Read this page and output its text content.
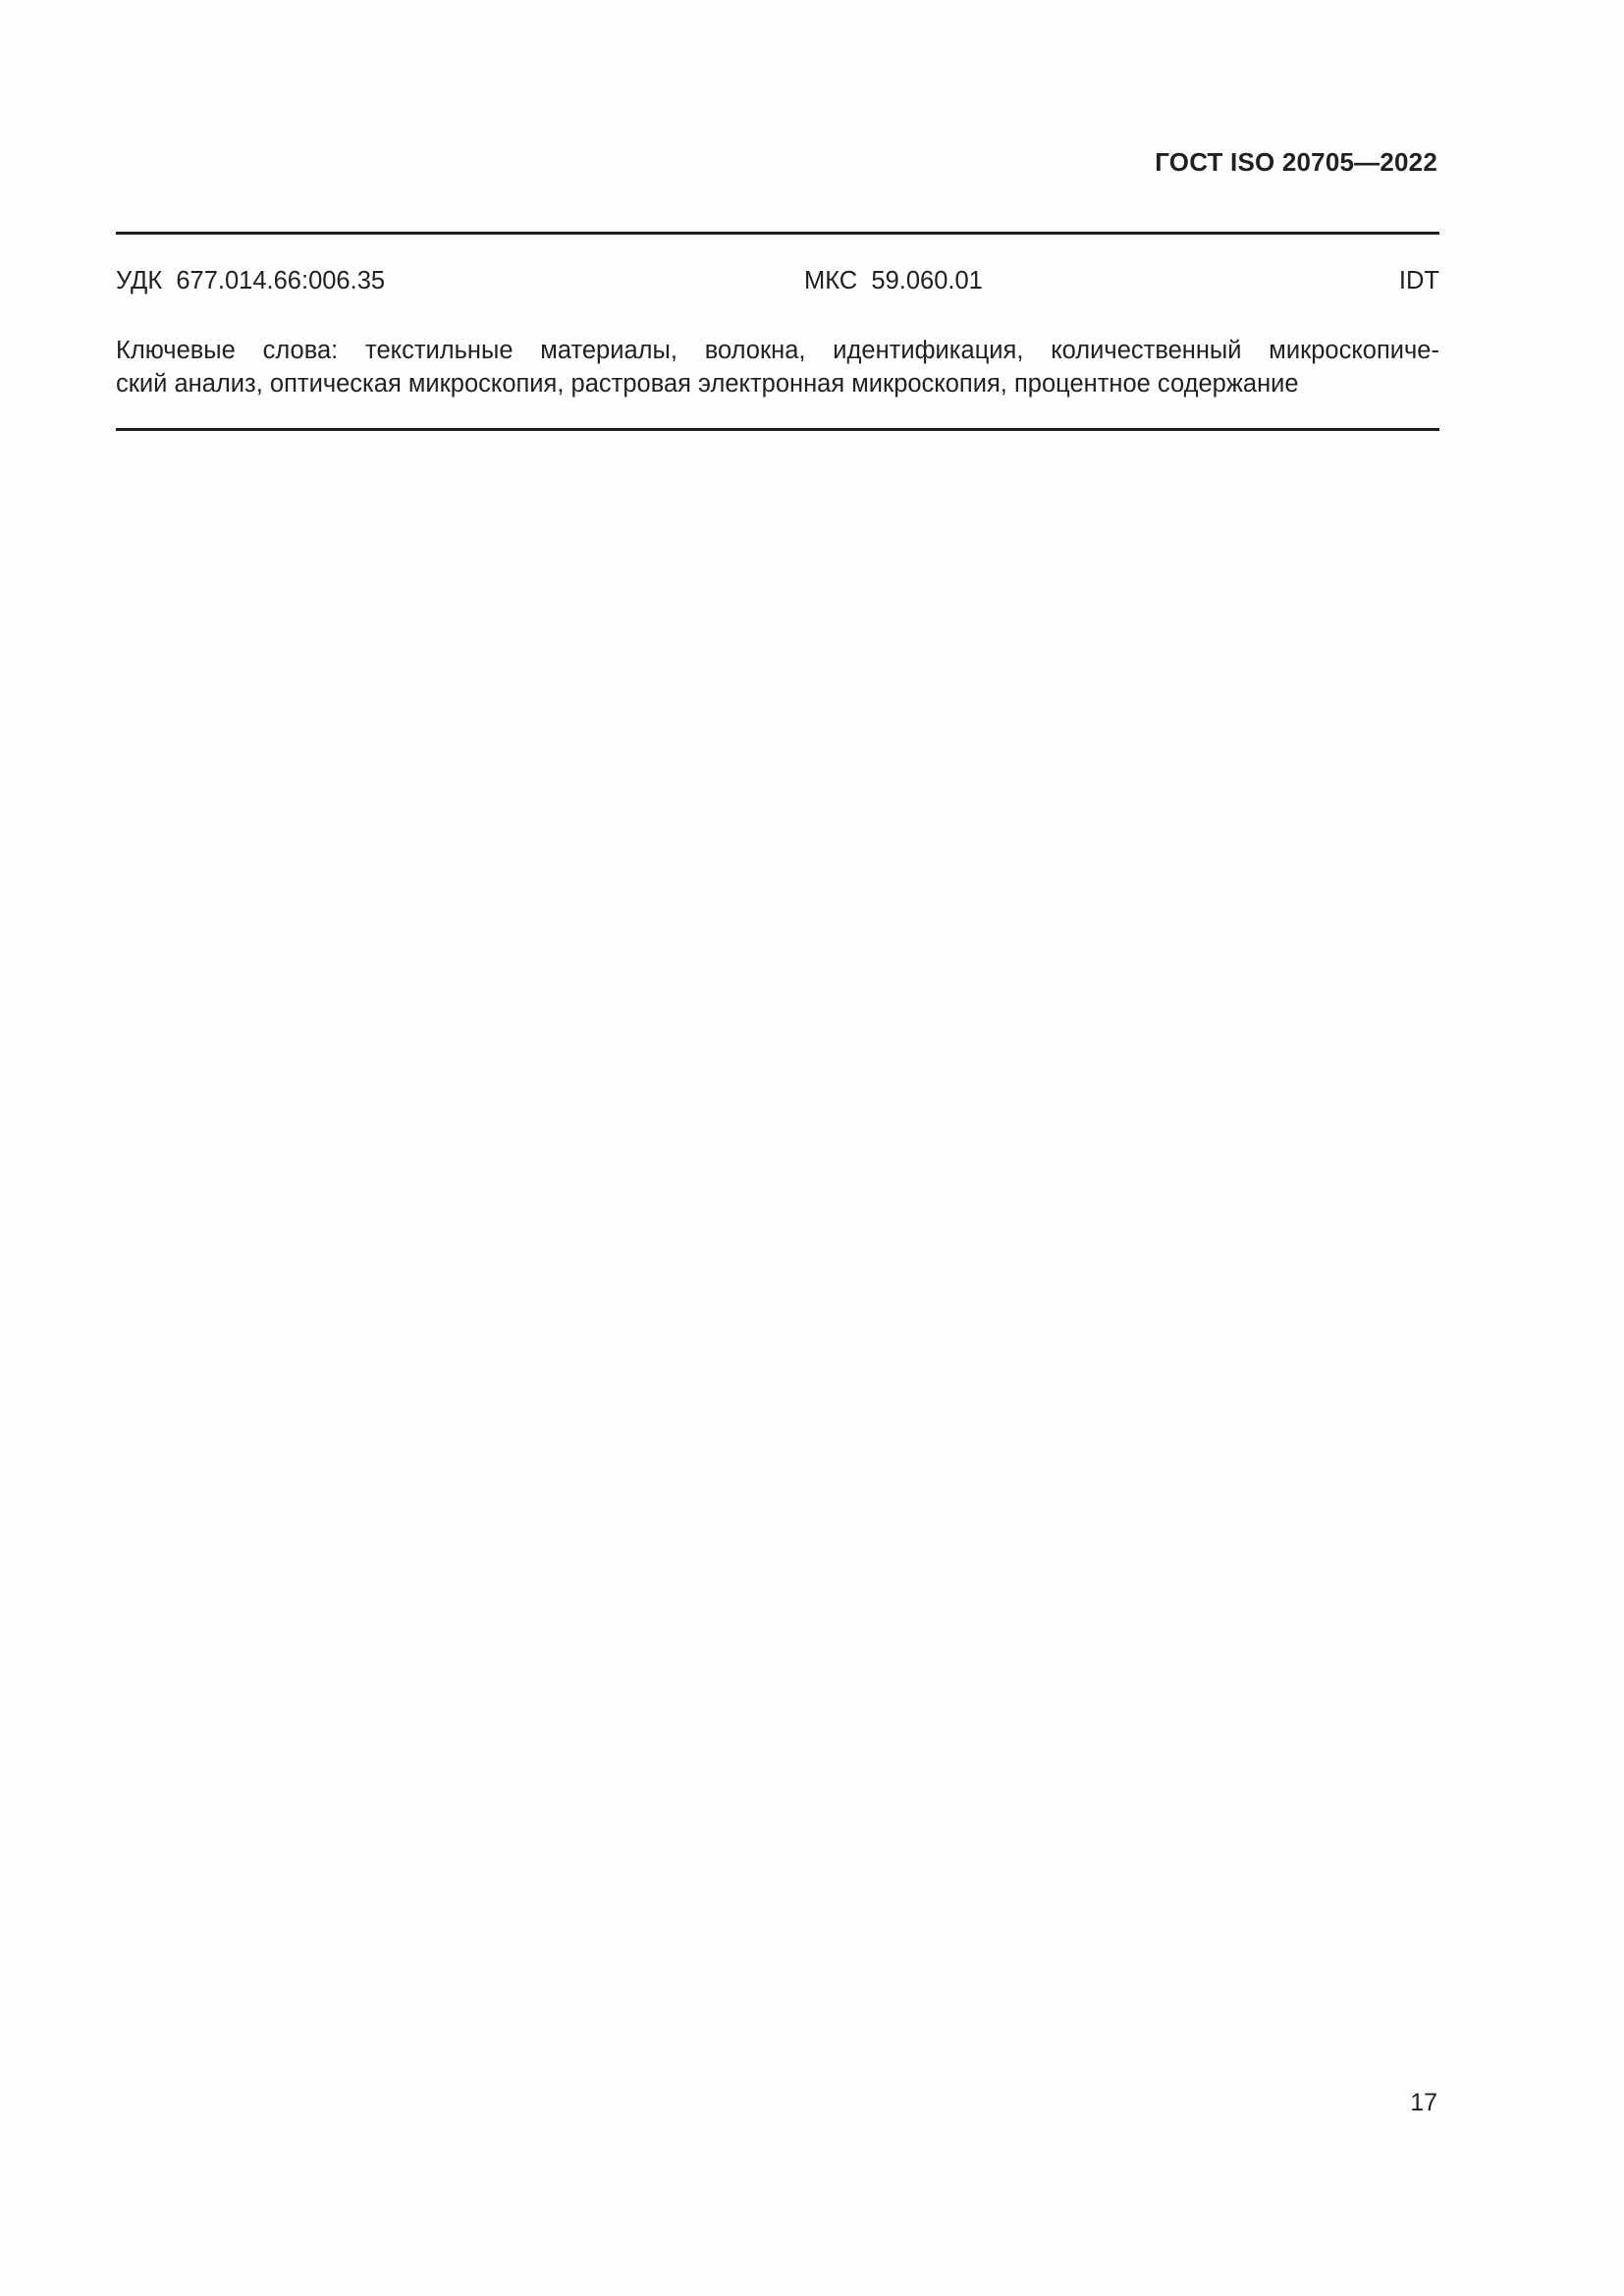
ГОСТ ISO 20705—2022
УДК 677.014.66:006.35	МКС 59.060.01	IDT
Ключевые слова: текстильные материалы, волокна, идентификация, количественный микроскопиче-
ский анализ, оптическая микроскопия, растровая электронная микроскопия, процентное содержание
17
